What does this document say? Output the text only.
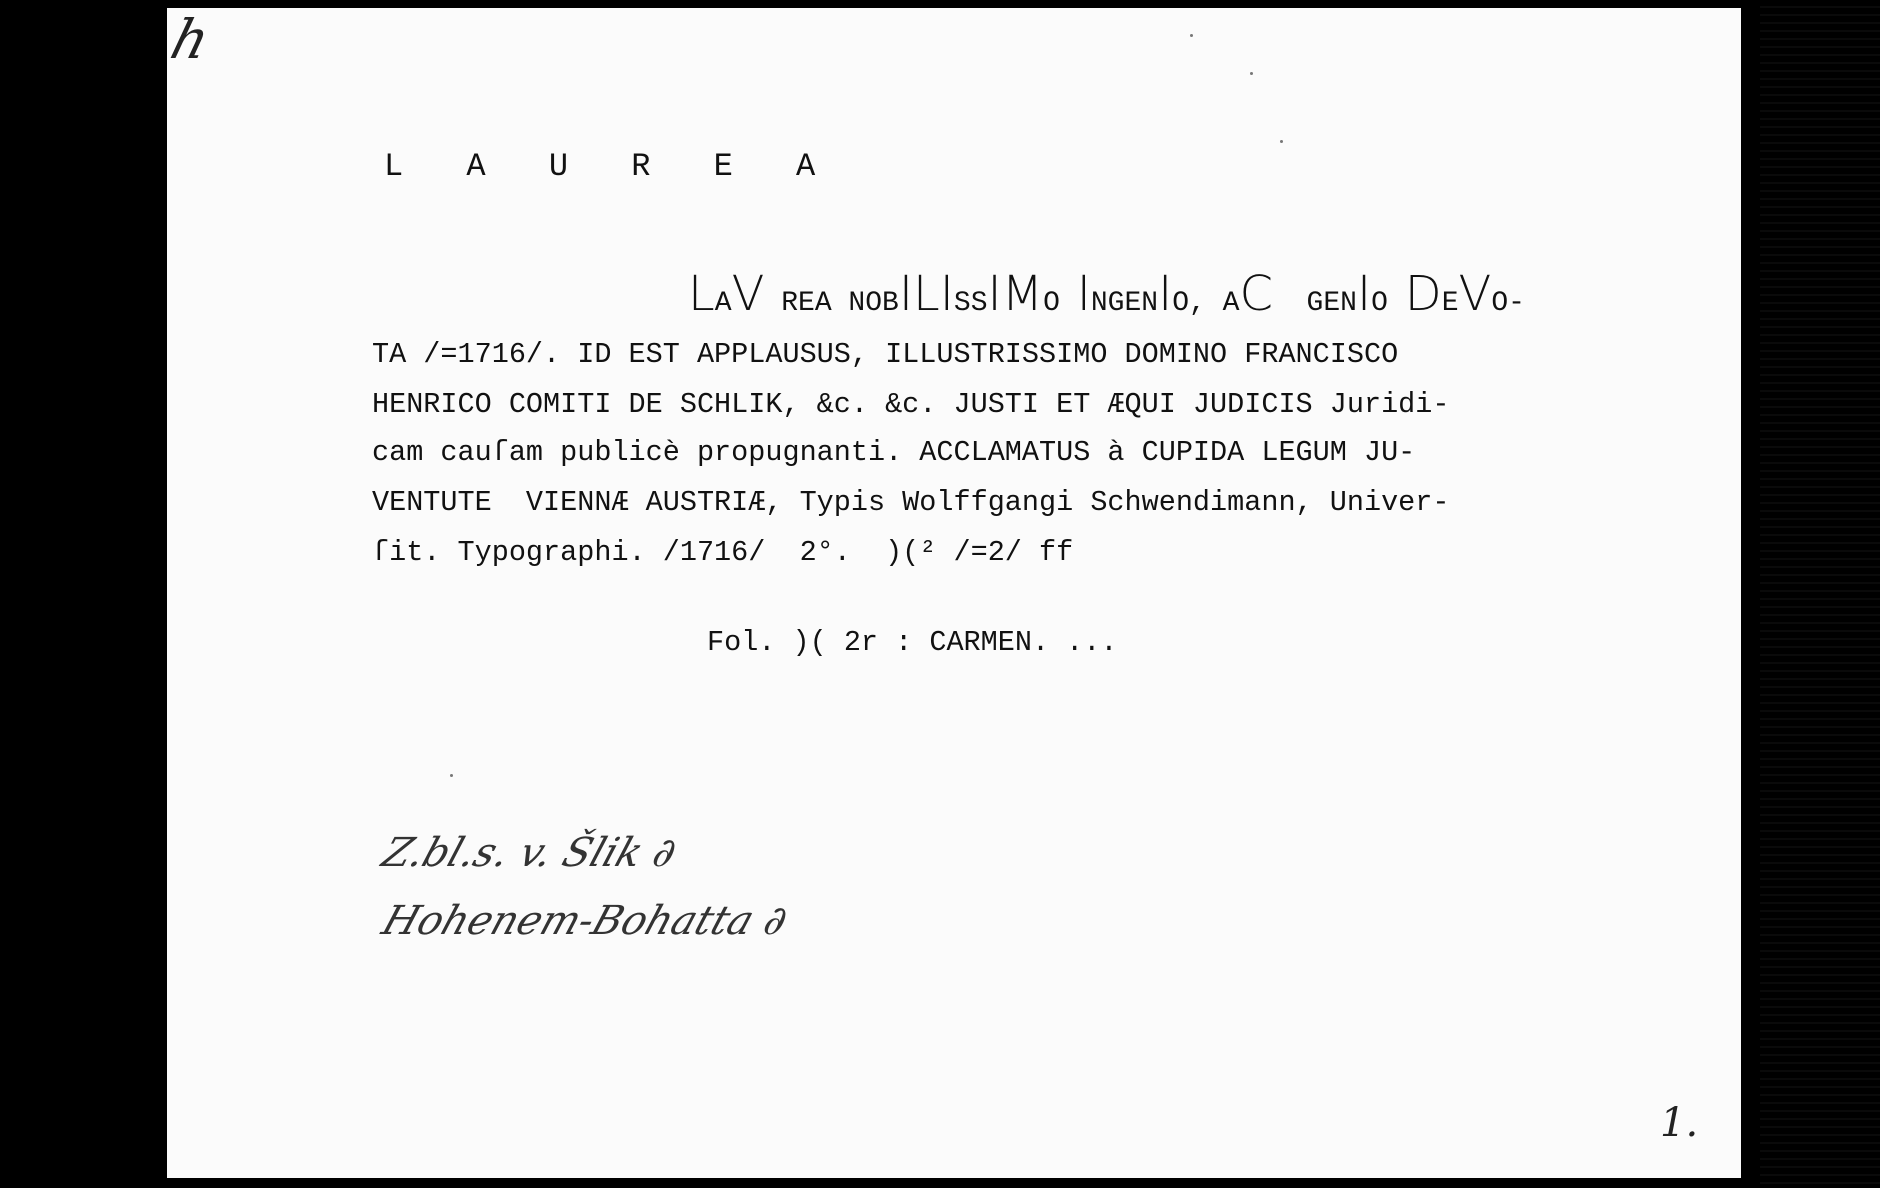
h
L A U R E A
LAV REA NOBILISSIMO INGENIO, AC  GENIO DEVO-
TA /=1716/. ID EST APPLAUSUS, ILLUSTRISSIMO DOMINO FRANCISCO
HENRICO COMITI DE SCHLIK, &c. &c. JUSTI ET ÆQUI JUDICIS Juridi-
cam cauſam publicè propugnanti. ACCLAMATUS à CUPIDA LEGUM JU-
VENTUTE  VIENNÆ AUSTRIÆ, Typis Wolffgangi Schwendimann, Univer-
ſit. Typographi. /1716/  2°.  )(² /=2/ ff
Fol. )( 2r : CARMEN. ...
Z.bl.s. v. Šlik ∂
Hohenem-Bohatta ∂
1.
